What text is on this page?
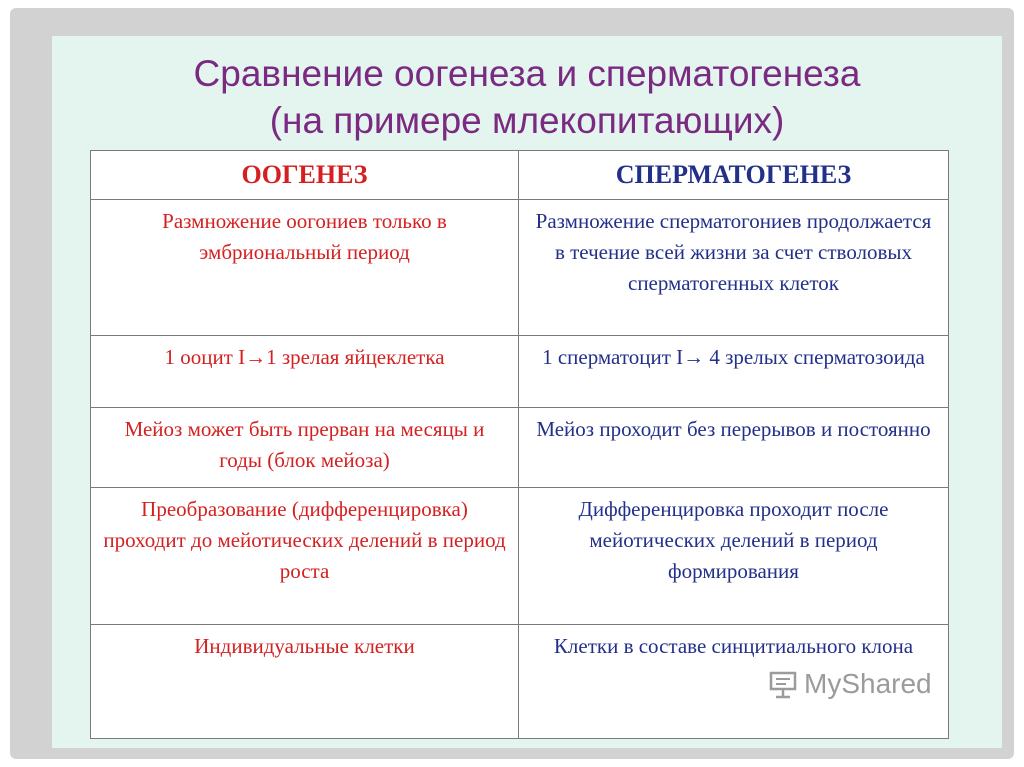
Сравнение оогенеза и сперматогенеза
(на примере млекопитающих)
ООГЕНЕЗ	СПЕРМАТОГЕНЕЗ
Размножение оогониев только в эмбриональный период	Размножение сперматогониев продолжается в течение всей жизни за счет стволовых сперматогенных клеток
1 ооцит I→1 зрелая яйцеклетка	1 сперматоцит I→ 4 зрелых сперматозоида
Мейоз может быть прерван на месяцы и годы (блок мейоза)	Мейоз проходит без перерывов и постоянно
Преобразование (дифференцировка) проходит до мейотических делений в период роста	Дифференцировка проходит после мейотических делений в период формирования
Индивидуальные клетки	Клетки в составе синцитиального клона
MyShared
